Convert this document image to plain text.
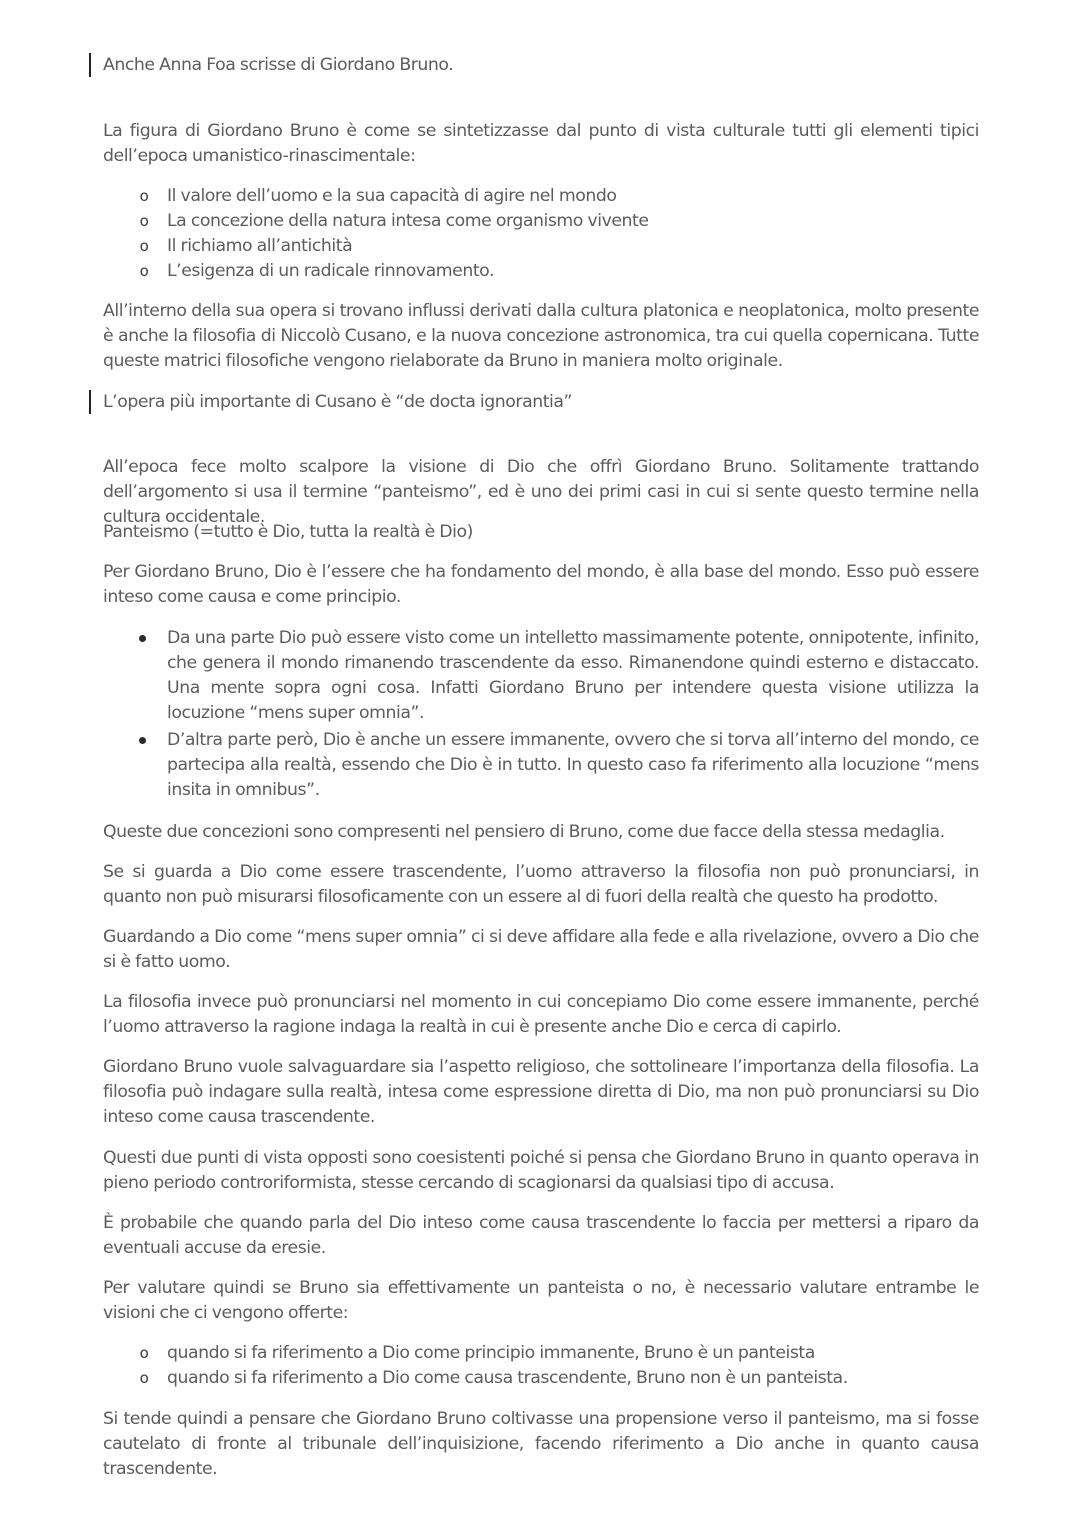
Anche Anna Foa scrisse di Giordano Bruno.

La figura di Giordano Bruno è come se sintetizzasse dal punto di vista culturale tutti gli elementi tipici dell’epoca umanistico-rinascimentale:

o Il valore dell’uomo e la sua capacità di agire nel mondo
o La concezione della natura intesa come organismo vivente
o Il richiamo all’antichità
o L’esigenza di un radicale rinnovamento.

All’interno della sua opera si trovano influssi derivati dalla cultura platonica e neoplatonica, molto presente è anche la filosofia di Niccolò Cusano, e la nuova concezione astronomica, tra cui quella copernicana. Tutte queste matrici filosofiche vengono rielaborate da Bruno in maniera molto originale.

L’opera più importante di Cusano è “de docta ignorantia”

All’epoca fece molto scalpore la visione di Dio che offrì Giordano Bruno. Solitamente trattando dell’argomento si usa il termine “panteismo”, ed è uno dei primi casi in cui si sente questo termine nella cultura occidentale.

Panteismo (=tutto è Dio, tutta la realtà è Dio)

Per Giordano Bruno, Dio è l’essere che ha fondamento del mondo, è alla base del mondo. Esso può essere inteso come causa e come principio.

Da una parte Dio può essere visto come un intelletto massimamente potente, onnipotente, infinito, che genera il mondo rimanendo trascendente da esso. Rimanendone quindi esterno e distaccato. Una mente sopra ogni cosa. Infatti Giordano Bruno per intendere questa visione utilizza la locuzione “mens super omnia”.
D’altra parte però, Dio è anche un essere immanente, ovvero che si torva all’interno del mondo, ce partecipa alla realtà, essendo che Dio è in tutto. In questo caso fa riferimento alla locuzione “mens insita in omnibus”.

Queste due concezioni sono compresenti nel pensiero di Bruno, come due facce della stessa medaglia.

Se si guarda a Dio come essere trascendente, l’uomo attraverso la filosofia non può pronunciarsi, in quanto non può misurarsi filosoficamente con un essere al di fuori della realtà che questo ha prodotto.

Guardando a Dio come “mens super omnia” ci si deve affidare alla fede e alla rivelazione, ovvero a Dio che si è fatto uomo.

La filosofia invece può pronunciarsi nel momento in cui concepiamo Dio come essere immanente, perché l’uomo attraverso la ragione indaga la realtà in cui è presente anche Dio e cerca di capirlo.

Giordano Bruno vuole salvaguardare sia l’aspetto religioso, che sottolineare l’importanza della filosofia. La filosofia può indagare sulla realtà, intesa come espressione diretta di Dio, ma non può pronunciarsi su Dio inteso come causa trascendente.

Questi due punti di vista opposti sono coesistenti poiché si pensa che Giordano Bruno in quanto operava in pieno periodo controriformista, stesse cercando di scagionarsi da qualsiasi tipo di accusa.

È probabile che quando parla del Dio inteso come causa trascendente lo faccia per mettersi a riparo da eventuali accuse da eresie.

Per valutare quindi se Bruno sia effettivamente un panteista o no, è necessario valutare entrambe le visioni che ci vengono offerte:

o quando si fa riferimento a Dio come principio immanente, Bruno è un panteista
o quando si fa riferimento a Dio come causa trascendente, Bruno non è un panteista.

Si tende quindi a pensare che Giordano Bruno coltivasse una propensione verso il panteismo, ma si fosse cautelato di fronte al tribunale dell’inquisizione, facendo riferimento a Dio anche in quanto causa trascendente.
